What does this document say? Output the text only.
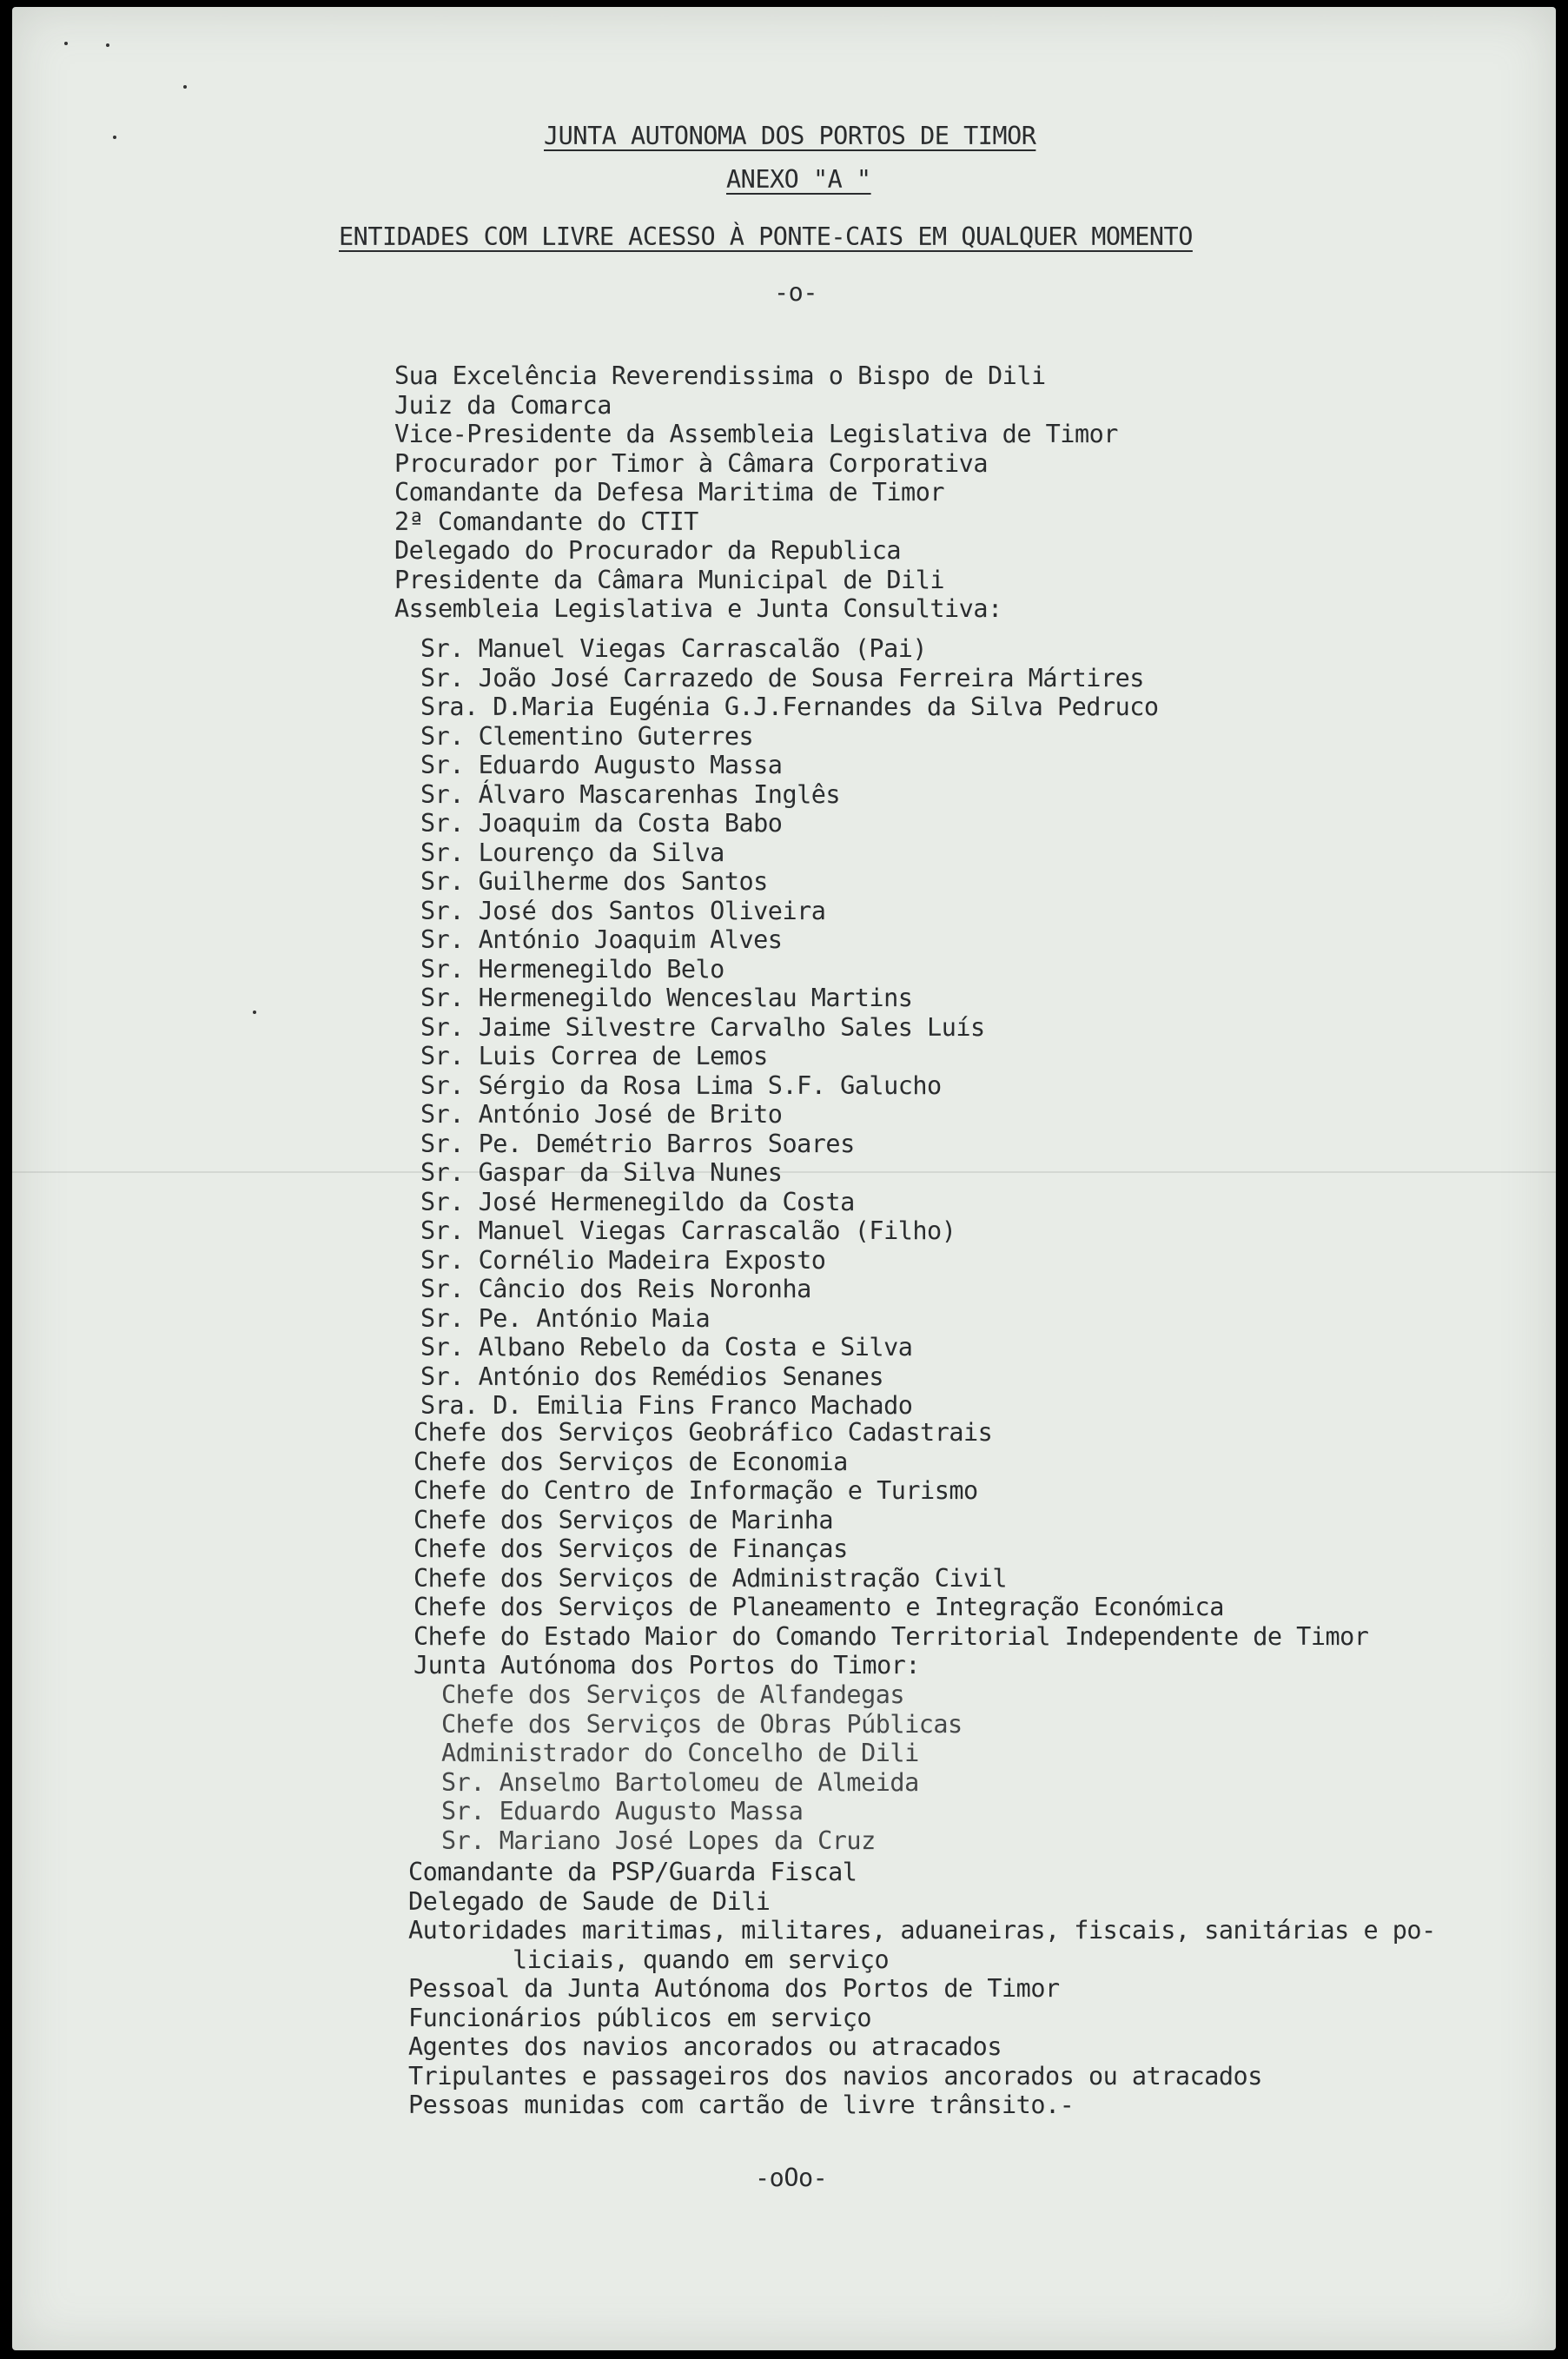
JUNTA AUTONOMA DOS PORTOS DE TIMOR
ANEXO "A "
ENTIDADES COM LIVRE ACESSO À PONTE-CAIS EM QUALQUER MOMENTO
-o-
Sua Excelência Reverendissima o Bispo de Dili
Juiz da Comarca
Vice-Presidente da Assembleia Legislativa de Timor
Procurador por Timor à Câmara Corporativa
Comandante da Defesa Maritima de Timor
2ª Comandante do CTIT
Delegado do Procurador da Republica
Presidente da Câmara Municipal de Dili
Assembleia Legislativa e Junta Consultiva:
Sr. Manuel Viegas Carrascalão (Pai)
Sr. João José Carrazedo de Sousa Ferreira Mártires
Sra. D.Maria Eugénia G.J.Fernandes da Silva Pedruco
Sr. Clementino Guterres
Sr. Eduardo Augusto Massa
Sr. Álvaro Mascarenhas Inglês
Sr. Joaquim da Costa Babo
Sr. Lourenço da Silva
Sr. Guilherme dos Santos
Sr. José dos Santos Oliveira
Sr. António Joaquim Alves
Sr. Hermenegildo Belo
Sr. Hermenegildo Wenceslau Martins
Sr. Jaime Silvestre Carvalho Sales Luís
Sr. Luis Correa de Lemos
Sr. Sérgio da Rosa Lima S.F. Galucho
Sr. António José de Brito
Sr. Pe. Demétrio Barros Soares
Sr. Gaspar da Silva Nunes
Sr. José Hermenegildo da Costa
Sr. Manuel Viegas Carrascalão (Filho)
Sr. Cornélio Madeira Exposto
Sr. Câncio dos Reis Noronha
Sr. Pe. António Maia
Sr. Albano Rebelo da Costa e Silva
Sr. António dos Remédios Senanes
Sra. D. Emilia Fins Franco Machado
Chefe dos Serviços Geobráfico Cadastrais
Chefe dos Serviços de Economia
Chefe do Centro de Informação e Turismo
Chefe dos Serviços de Marinha
Chefe dos Serviços de Finanças
Chefe dos Serviços de Administração Civil
Chefe dos Serviços de Planeamento e Integração Económica
Chefe do Estado Maior do Comando Territorial Independente de Timor
Junta Autónoma dos Portos do Timor:
Chefe dos Serviços de Alfandegas
Chefe dos Serviços de Obras Públicas
Administrador do Concelho de Dili
Sr. Anselmo Bartolomeu de Almeida
Sr. Eduardo Augusto Massa
Sr. Mariano José Lopes da Cruz
Comandante da PSP/Guarda Fiscal
Delegado de Saude de Dili
Autoridades maritimas, militares, aduaneiras, fiscais, sanitárias e po-
liciais, quando em serviço
Pessoal da Junta Autónoma dos Portos de Timor
Funcionários públicos em serviço
Agentes dos navios ancorados ou atracados
Tripulantes e passageiros dos navios ancorados ou atracados
Pessoas munidas com cartão de livre trânsito.-
-oOo-
